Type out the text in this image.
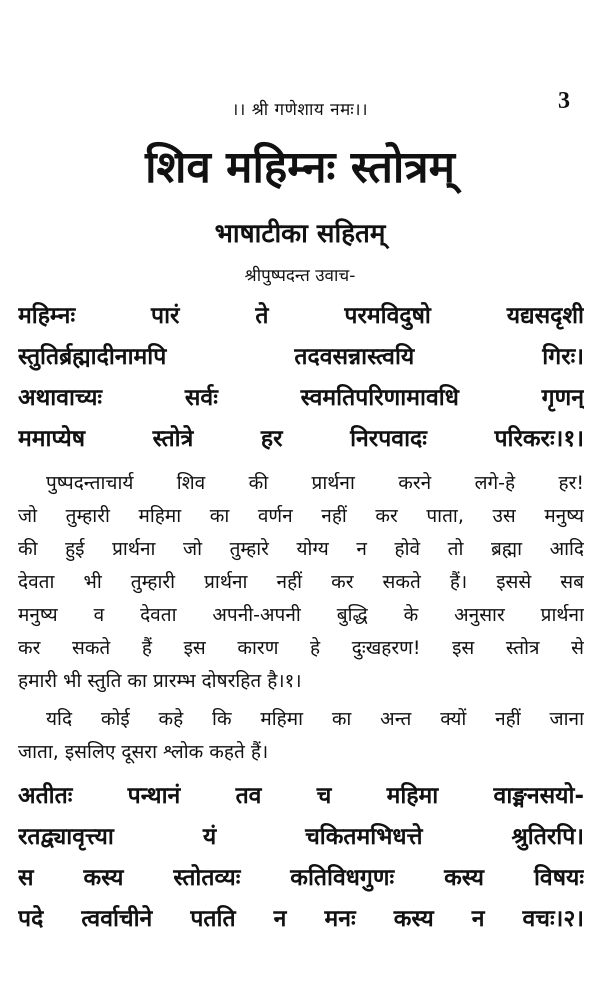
3
।। श्री गणेशाय नमः।।
शिव महिम्नः स्तोत्रम्
भाषाटीका सहितम्
श्रीपुष्पदन्त उवाच-
महिम्नः पारं ते परमविदुषो यद्यसदृशी
स्तुतिर्ब्रह्मादीनामपि तदवसन्नास्त्वयि गिरः।
अथावाच्यः सर्वः स्वमतिपरिणामावधि गृणन्
ममाप्येष स्तोत्रे हर निरपवादः परिकरः।१।
पुष्पदन्ताचार्य शिव की प्रार्थना करने लगे-हे हर!
जो तुम्हारी महिमा का वर्णन नहीं कर पाता, उस मनुष्य
की हुई प्रार्थना जो तुम्हारे योग्य न होवे तो ब्रह्मा आदि
देवता भी तुम्हारी प्रार्थना नहीं कर सकते हैं। इससे सब
मनुष्य व देवता अपनी-अपनी बुद्धि के अनुसार प्रार्थना
कर सकते हैं इस कारण हे दुःखहरण! इस स्तोत्र से
हमारी भी स्तुति का प्रारम्भ दोषरहित है।१।
यदि कोई कहे कि महिमा का अन्त क्यों नहीं जाना
जाता, इसलिए दूसरा श्लोक कहते हैं।
अतीतः पन्थानं तव च महिमा वाङ्मनसयो-
रतद्व्यावृत्त्या यं चकितमभिधत्ते श्रुतिरपि।
स कस्य स्तोतव्यः कतिविधगुणः कस्य विषयः
पदे त्वर्वाचीने पतति न मनः कस्य न वचः।२।
